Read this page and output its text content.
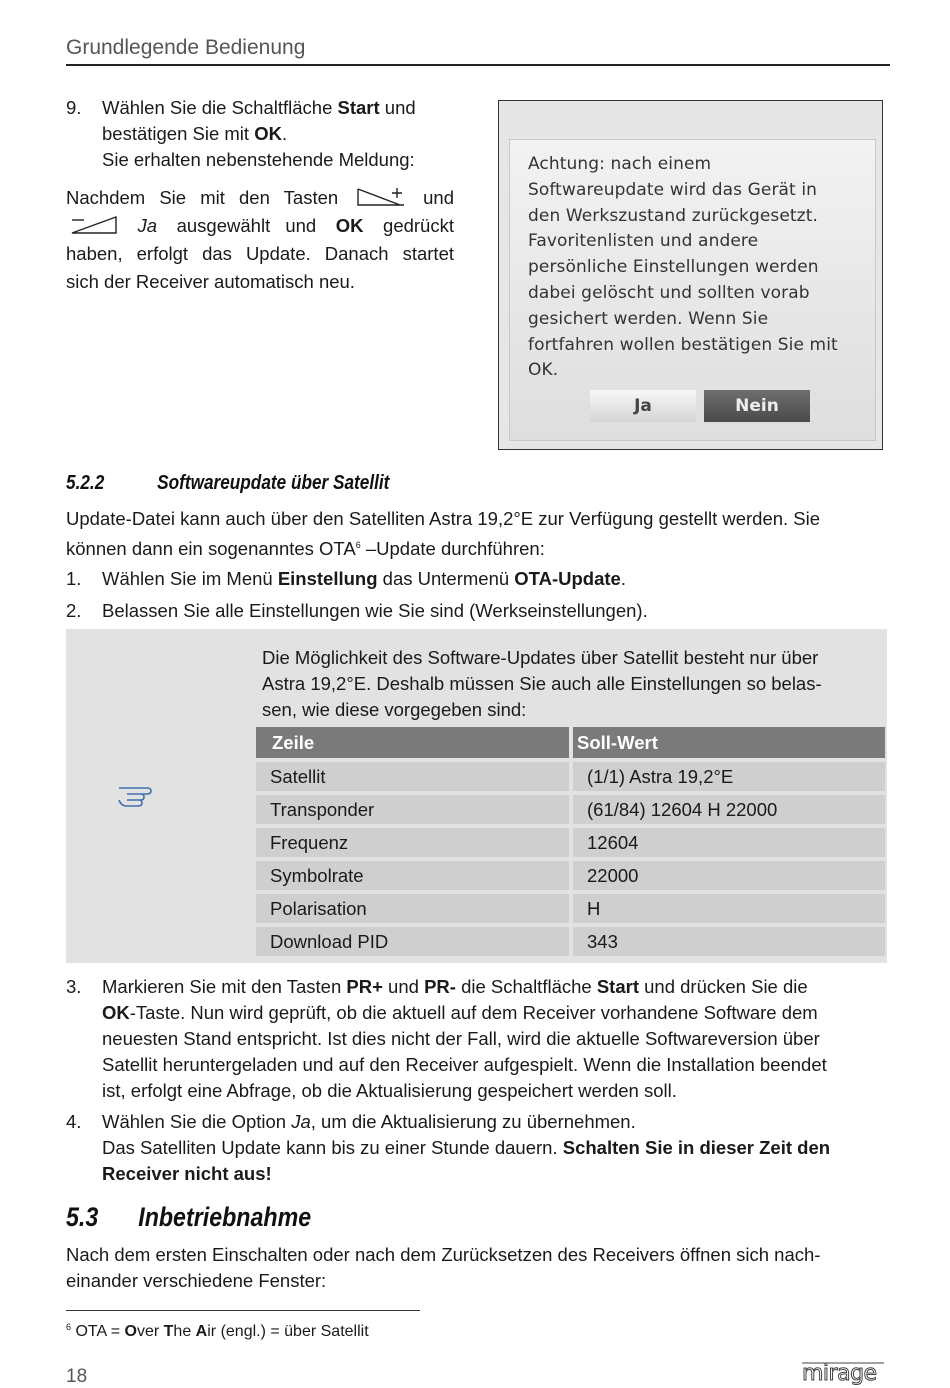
Grundlegende Bedienung
9. Wählen Sie die Schaltfläche Start und
bestätigen Sie mit OK.
Sie erhalten nebenstehende Meldung:
Nachdem Sie mit den Tasten	und
Ja ausgewählt und OK gedrückt
haben, erfolgt das Update. Danach startet
sich der Receiver automatisch neu.
Achtung: nach einem
Softwareupdate wird das Gerät in
den Werkszustand zurückgesetzt.
Favoritenlisten und andere
persönliche Einstellungen werden
dabei gelöscht und sollten vorab
gesichert werden. Wenn Sie
fortfahren wollen bestätigen Sie mit
OK.
Ja	Nein
5.2.2	Softwareupdate über Satellit
Update-Datei kann auch über den Satelliten Astra 19,2°E zur Verfügung gestellt werden. Sie
können dann ein sogenanntes OTA$^6$ –Update durchführen:
1. Wählen Sie im Menü Einstellung das Untermenü OTA-Update.
2. Belassen Sie alle Einstellungen wie Sie sind (Werkseinstellungen).
Die Möglichkeit des Software-Updates über Satellit besteht nur über
Astra 19,2°E. Deshalb müssen Sie auch alle Einstellungen so belas-
sen, wie diese vorgegeben sind:
Zeile	Soll-Wert
Satellit	(1/1) Astra 19,2°E
Transponder	(61/84) 12604 H 22000
Frequenz	12604
Symbolrate	22000
Polarisation	H
Download PID	343
3. Markieren Sie mit den Tasten PR+ und PR- die Schaltfläche Start und drücken Sie die
OK-Taste. Nun wird geprüft, ob die aktuell auf dem Receiver vorhandene Software dem
neuesten Stand entspricht. Ist dies nicht der Fall, wird die aktuelle Softwareversion über
Satellit heruntergeladen und auf den Receiver aufgespielt. Wenn die Installation beendet
ist, erfolgt eine Abfrage, ob die Aktualisierung gespeichert werden soll.
4. Wählen Sie die Option Ja, um die Aktualisierung zu übernehmen.
Das Satelliten Update kann bis zu einer Stunde dauern. Schalten Sie in dieser Zeit den
Receiver nicht aus!
5.3 Inbetriebnahme
Nach dem ersten Einschalten oder nach dem Zurücksetzen des Receivers öffnen sich nach-
einander verschiedene Fenster:
$^6$ OTA = Over The Air (engl.) = über Satellit
18	mirage
